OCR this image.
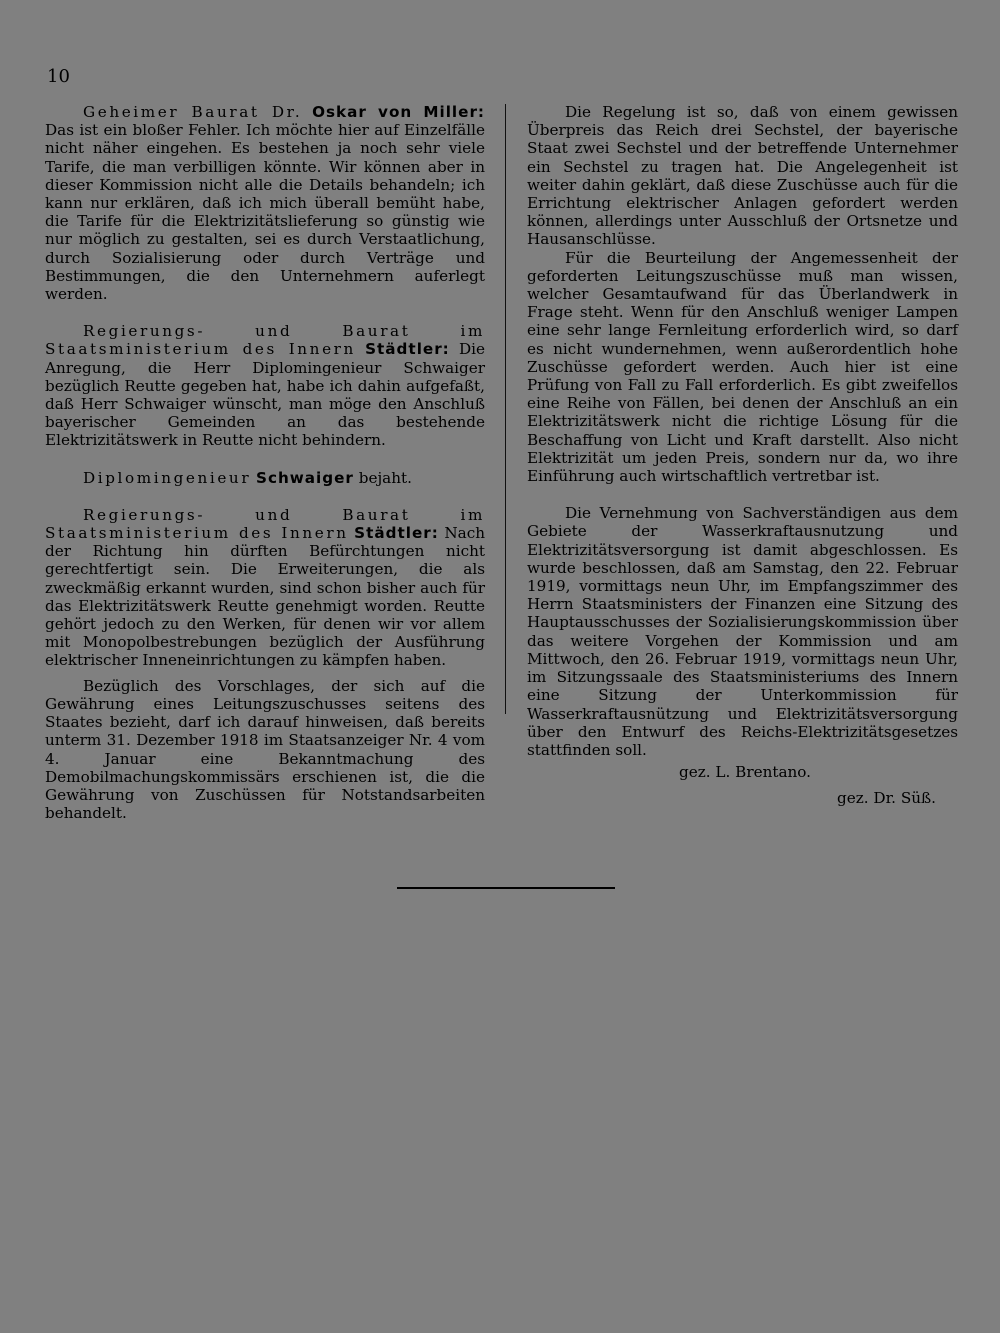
10

Geheimer Baurat Dr. Oskar von Miller: Das ist ein bloßer Fehler. Ich möchte hier auf Einzelfälle nicht näher eingehen. Es bestehen ja noch sehr viele Tarife, die man verbilligen könnte. Wir können aber in dieser Kommission nicht alle die Details behandeln; ich kann nur erklären, daß ich mich überall bemüht habe, die Tarife für die Elektrizitätslieferung so günstig wie nur möglich zu gestalten, sei es durch Verstaatlichung, durch Sozialisierung oder durch Verträge und Bestimmungen, die den Unternehmern auferlegt werden.

Regierungs- und Baurat im Staatsministerium des Innern Städtler: Die Anregung, die Herr Diplomingenieur Schwaiger bezüglich Reutte gegeben hat, habe ich dahin aufgefaßt, daß Herr Schwaiger wünscht, man möge den Anschluß bayerischer Gemeinden an das bestehende Elektrizitätswerk in Reutte nicht behindern.

Diplomingenieur Schwaiger bejaht.

Regierungs- und Baurat im Staatsministerium des Innern Städtler: Nach der Richtung hin dürften Befürchtungen nicht gerechtfertigt sein. Die Erweiterungen, die als zweckmäßig erkannt wurden, sind schon bisher auch für das Elektrizitätswerk Reutte genehmigt worden. Reutte gehört jedoch zu den Werken, für denen wir vor allem mit Monopolbestrebungen bezüglich der Ausführung elektrischer Inneneinrichtungen zu kämpfen haben.

Bezüglich des Vorschlages, der sich auf die Gewährung eines Leitungszuschusses seitens des Staates bezieht, darf ich darauf hinweisen, daß bereits unterm 31. Dezember 1918 im Staatsanzeiger Nr. 4 vom 4. Januar eine Bekanntmachung des Demobilmachungskommissärs erschienen ist, die die Gewährung von Zuschüssen für Notstandsarbeiten behandelt.

Die Regelung ist so, daß von einem gewissen Überpreis das Reich drei Sechstel, der bayerische Staat zwei Sechstel und der betreffende Unternehmer ein Sechstel zu tragen hat. Die Angelegenheit ist weiter dahin geklärt, daß diese Zuschüsse auch für die Errichtung elektrischer Anlagen gefordert werden können, allerdings unter Ausschluß der Ortsnetze und Hausanschlüsse.

Für die Beurteilung der Angemessenheit der geforderten Leitungszuschüsse muß man wissen, welcher Gesamtaufwand für das Überlandwerk in Frage steht. Wenn für den Anschluß weniger Lampen eine sehr lange Fernleitung erforderlich wird, so darf es nicht wundernehmen, wenn außerordentlich hohe Zuschüsse gefordert werden. Auch hier ist eine Prüfung von Fall zu Fall erforderlich. Es gibt zweifellos eine Reihe von Fällen, bei denen der Anschluß an ein Elektrizitätswerk nicht die richtige Lösung für die Beschaffung von Licht und Kraft darstellt. Also nicht Elektrizität um jeden Preis, sondern nur da, wo ihre Einführung auch wirtschaftlich vertretbar ist.

Die Vernehmung von Sachverständigen aus dem Gebiete der Wasserkraftausnutzung und Elektrizitätsversorgung ist damit abgeschlossen. Es wurde beschlossen, daß am Samstag, den 22. Februar 1919, vormittags neun Uhr, im Empfangszimmer des Herrn Staatsministers der Finanzen eine Sitzung des Hauptausschusses der Sozialisierungskommission über das weitere Vorgehen der Kommission und am Mittwoch, den 26. Februar 1919, vormittags neun Uhr, im Sitzungssaale des Staatsministeriums des Innern eine Sitzung der Unterkommission für Wasserkraftausnützung und Elektrizitätsversorgung über den Entwurf des Reichs-Elektrizitätsgesetzes stattfinden soll.

gez. L. Brentano.
gez. Dr. Süß.
